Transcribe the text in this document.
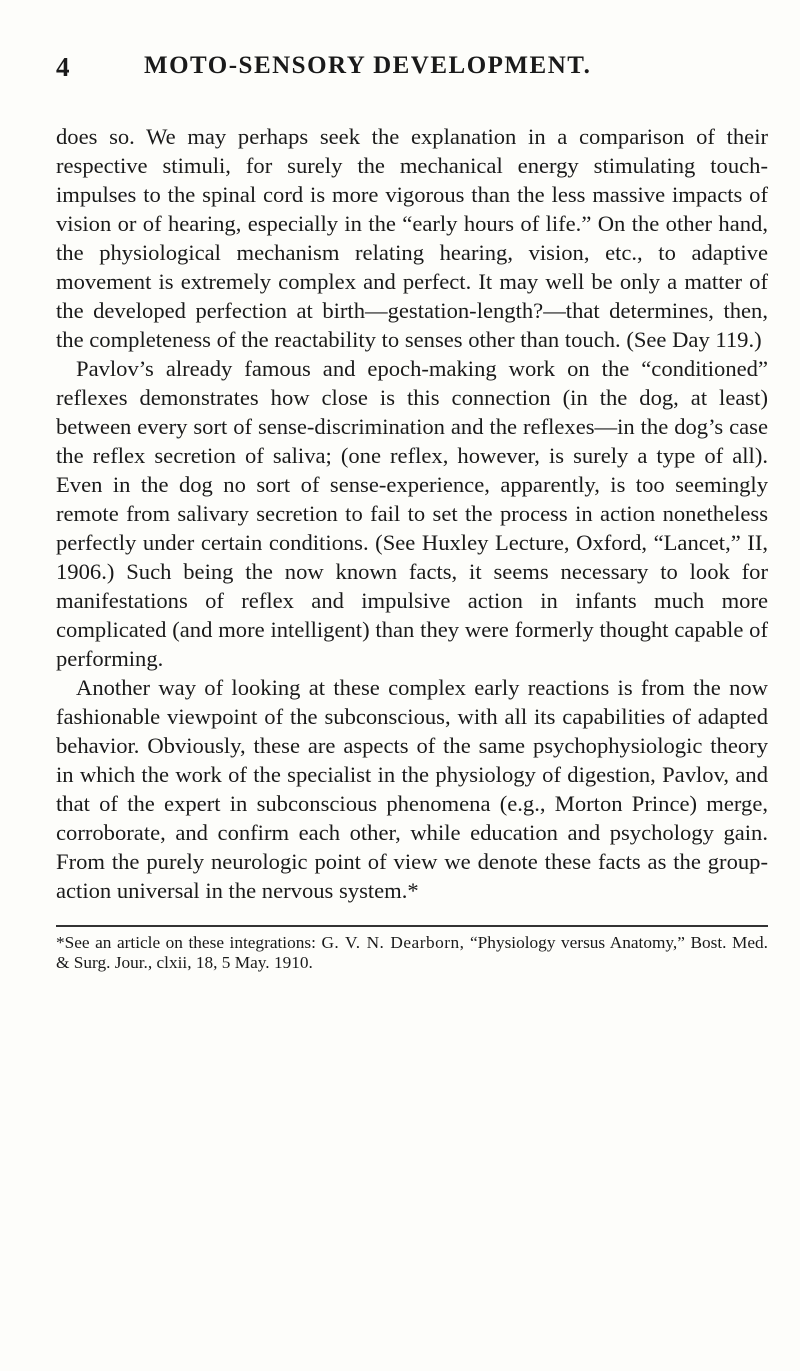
4	MOTO-SENSORY DEVELOPMENT.

does so. We may perhaps seek the explanation in a comparison of their respective stimuli, for surely the mechanical energy stimulating touch-impulses to the spinal cord is more vigorous than the less massive impacts of vision or of hearing, especially in the “early hours of life.” On the other hand, the physiological mechanism relating hearing, vision, etc., to adaptive movement is extremely complex and perfect. It may well be only a matter of the developed perfection at birth—gestation-length?—that determines, then, the completeness of the reactability to senses other than touch. (See Day 119.)

Pavlov’s already famous and epoch-making work on the “conditioned” reflexes demonstrates how close is this connection (in the dog, at least) between every sort of sense-discrimination and the reflexes—in the dog’s case the reflex secretion of saliva; (one reflex, however, is surely a type of all). Even in the dog no sort of sense-experience, apparently, is too seemingly remote from salivary secretion to fail to set the process in action nonetheless perfectly under certain conditions. (See Huxley Lecture, Oxford, “Lancet,” II, 1906.) Such being the now known facts, it seems necessary to look for manifestations of reflex and impulsive action in infants much more complicated (and more intelligent) than they were formerly thought capable of performing.

Another way of looking at these complex early reactions is from the now fashionable viewpoint of the subconscious, with all its capabilities of adapted behavior. Obviously, these are aspects of the same psychophysiologic theory in which the work of the specialist in the physiology of digestion, Pavlov, and that of the expert in subconscious phenomena (e.g., Morton Prince) merge, corroborate, and confirm each other, while education and psychology gain. From the purely neurologic point of view we denote these facts as the group-action universal in the nervous system.*

*See an article on these integrations: G. V. N. Dearborn, “Physiology versus Anatomy,” Bost. Med. & Surg. Jour., clxii, 18, 5 May. 1910.
